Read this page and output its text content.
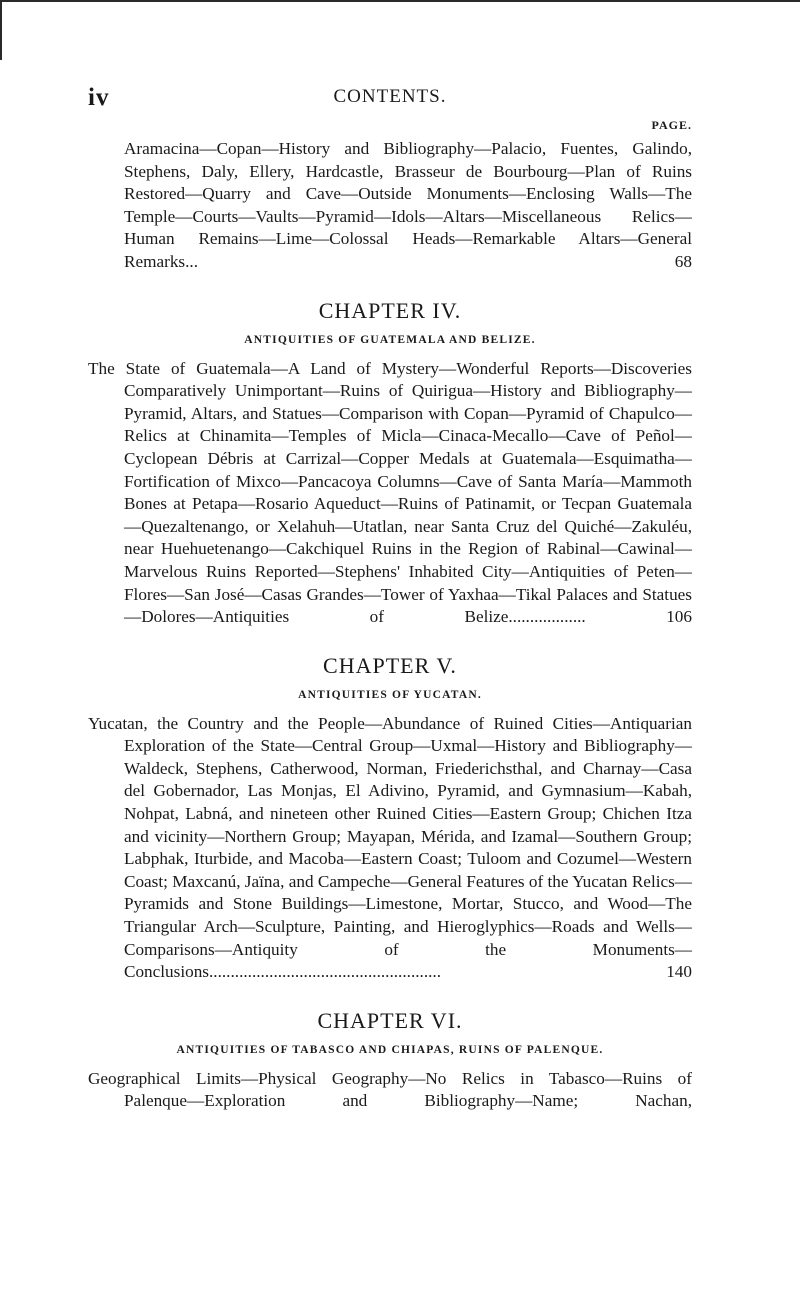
iv	CONTENTS.
PAGE.

Aramacina—Copan—History and Bibliography—Palacio, Fuentes, Galindo, Stephens, Daly, Ellery, Hardcastle, Brasseur de Bourbourg—Plan of Ruins Restored—Quarry and Cave—Outside Monuments—Enclosing Walls—The Temple—Courts—Vaults—Pyramid—Idols—Altars—Miscellaneous Relics—Human Remains—Lime—Colossal Heads—Remarkable Altars—General Remarks... 68

CHAPTER IV.
ANTIQUITIES OF GUATEMALA AND BELIZE.

The State of Guatemala—A Land of Mystery—Wonderful Reports—Discoveries Comparatively Unimportant—Ruins of Quirigua—History and Bibliography—Pyramid, Altars, and Statues—Comparison with Copan—Pyramid of Chapulco—Relics at Chinamita—Temples of Micla—Cinaca-Mecallo—Cave of Peñol—Cyclopean Débris at Carrizal—Copper Medals at Guatemala—Esquimatha—Fortification of Mixco—Pancacoya Columns—Cave of Santa María—Mammoth Bones at Petapa—Rosario Aqueduct—Ruins of Patinamit, or Tecpan Guatemala—Quezaltenango, or Xelahuh—Utatlan, near Santa Cruz del Quiché—Zakuléu, near Huehuetenango—Cakchiquel Ruins in the Region of Rabinal—Cawinal—Marvelous Ruins Reported—Stephens' Inhabited City—Antiquities of Peten—Flores—San José—Casas Grandes—Tower of Yaxhaa—Tikal Palaces and Statues—Dolores—Antiquities of Belize.................. 106

CHAPTER V.
ANTIQUITIES OF YUCATAN.

Yucatan, the Country and the People—Abundance of Ruined Cities—Antiquarian Exploration of the State—Central Group—Uxmal—History and Bibliography—Waldeck, Stephens, Catherwood, Norman, Friederichsthal, and Charnay—Casa del Gobernador, Las Monjas, El Adivino, Pyramid, and Gymnasium—Kabah, Nohpat, Labná, and nineteen other Ruined Cities—Eastern Group; Chichen Itza and vicinity—Northern Group; Mayapan, Mérida, and Izamal—Southern Group; Labphak, Iturbide, and Macoba—Eastern Coast; Tuloom and Cozumel—Western Coast; Maxcanú, Jaïna, and Campeche—General Features of the Yucatan Relics—Pyramids and Stone Buildings—Limestone, Mortar, Stucco, and Wood—The Triangular Arch—Sculpture, Painting, and Hieroglyphics—Roads and Wells—Comparisons—Antiquity of the Monuments—Conclusions...................................................... 140

CHAPTER VI.
ANTIQUITIES OF TABASCO AND CHIAPAS, RUINS OF PALENQUE.

Geographical Limits—Physical Geography—No Relics in Tabasco—Ruins of Palenque—Exploration and Bibliography—Name; Nachan,
